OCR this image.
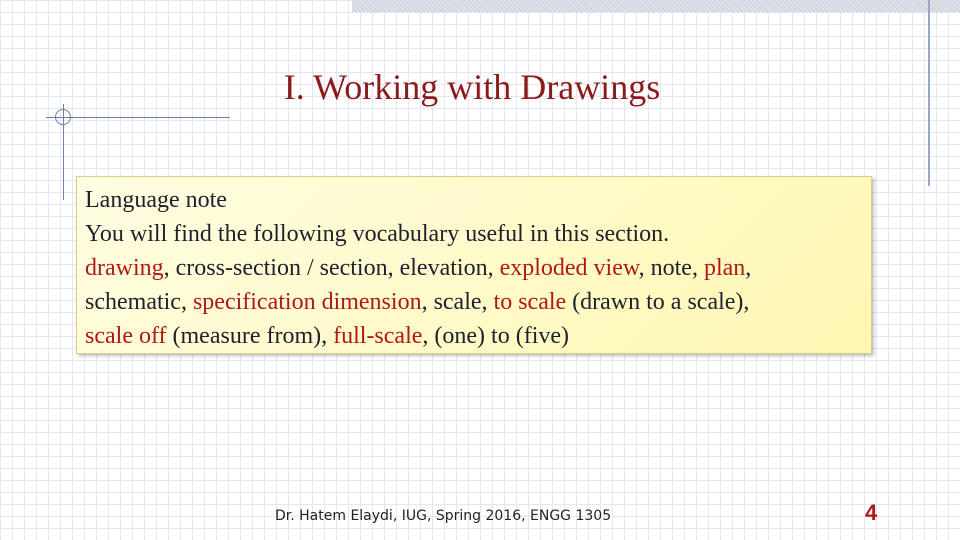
I. Working with Drawings
Language note
You will find the following vocabulary useful in this section.
drawing, cross-section / section, elevation, exploded view, note, plan,
schematic, specification dimension, scale, to scale (drawn to a scale),
scale off (measure from), full-scale, (one) to (five)
Dr. Hatem Elaydi, IUG, Spring 2016, ENGG 1305	4
